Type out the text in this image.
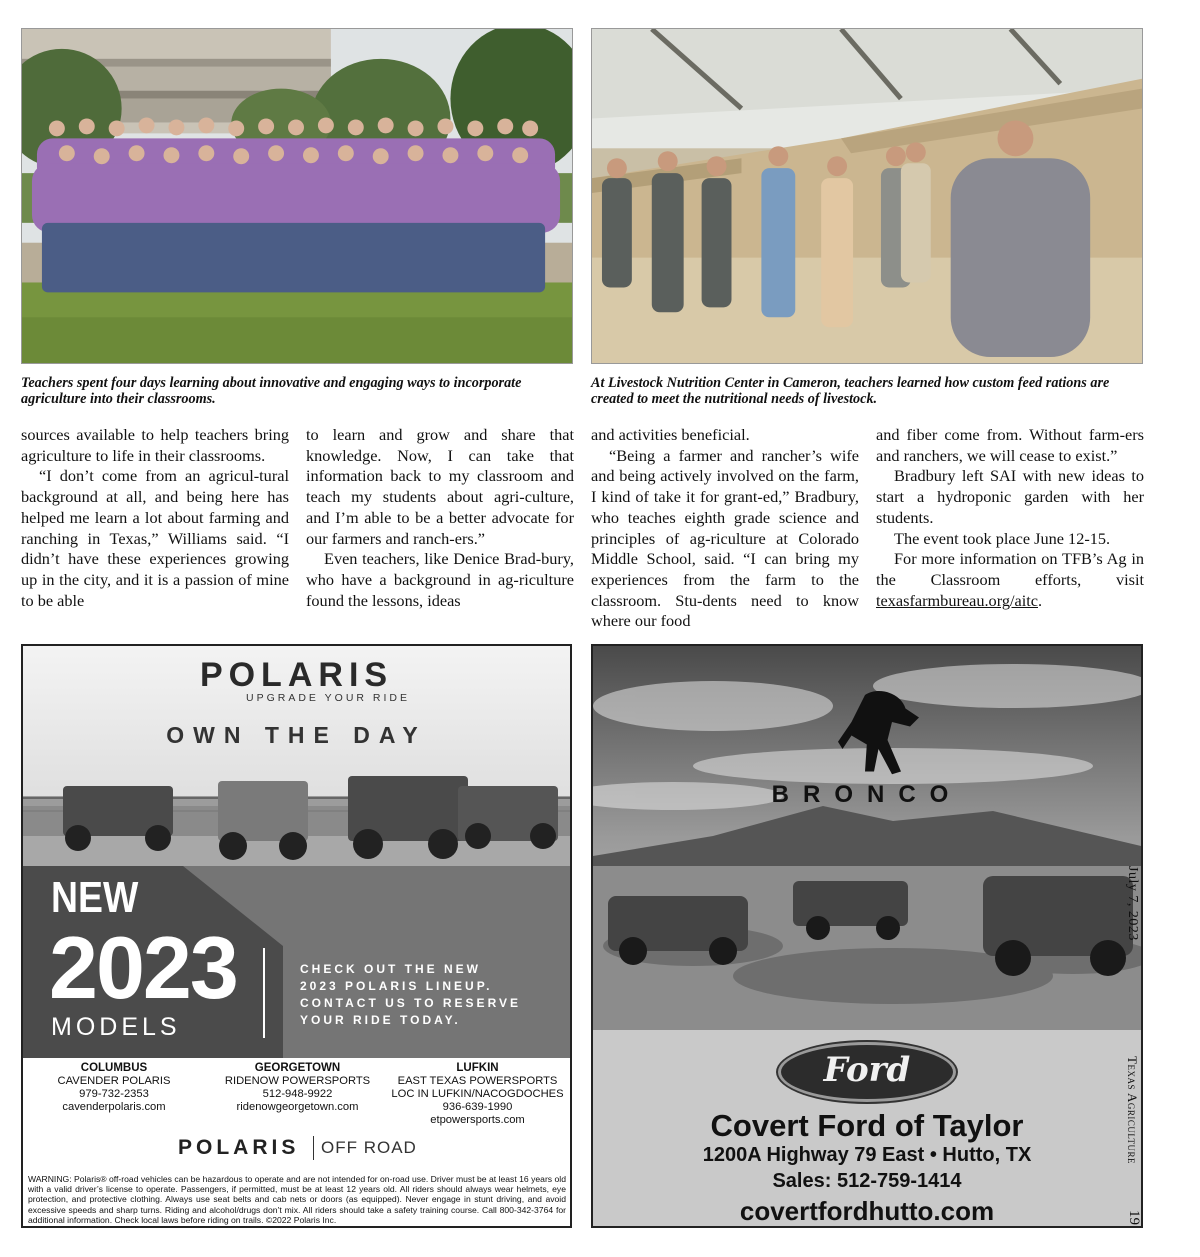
Teachers spent four days learning about innovative and engaging ways to incorporate agriculture into their classrooms.
At Livestock Nutrition Center in Cameron, teachers learned how custom feed rations are created to meet the nutritional needs of livestock.

sources available to help teachers bring agriculture to life in their classrooms.

“I don’t come from an agricul-tural background at all, and being here has helped me learn a lot about farming and ranching in Texas,” Williams said. “I didn’t have these experiences growing up in the city, and it is a passion of mine to be able

to learn and grow and share that knowledge. Now, I can take that information back to my classroom and teach my students about agri-culture, and I’m able to be a better advocate for our farmers and ranch-ers.”

Even teachers, like Denice Brad-bury, who have a background in ag-riculture found the lessons, ideas

and activities beneficial.

“Being a farmer and rancher’s wife and being actively involved on the farm, I kind of take it for grant-ed,” Bradbury, who teaches eighth grade science and principles of ag-riculture at Colorado Middle School, said. “I can bring my experiences from the farm to the classroom. Stu-dents need to know where our food

and fiber come from. Without farm-ers and ranchers, we will cease to exist.”

Bradbury left SAI with new ideas to start a hydroponic garden with her students.

The event took place June 12-15.

For more information on TFB’s Ag in the Classroom efforts, visit texasfarmbureau.org/aitc.

POLARIS
UPGRADE YOUR RIDE
OWN THE DAY
NEW
2023
MODELS
CHECK OUT THE NEW
2023 POLARIS LINEUP.
CONTACT US TO RESERVE
YOUR RIDE TODAY.
COLUMBUS
CAVENDER POLARIS
979-732-2353
cavenderpolaris.com
GEORGETOWN
RIDENOW POWERSPORTS
512-948-9922
ridenowgeorgetown.com
LUFKIN
EAST TEXAS POWERSPORTS
LOC IN LUFKIN/NACOGDOCHES
936-639-1990
etpowersports.com
POLARIS OFF ROAD
WARNING: Polaris® off-road vehicles can be hazardous to operate and are not intended for on-road use. Driver must be at least 16 years old with a valid driver’s license to operate. Passengers, if permitted, must be at least 12 years old. All riders should always wear helmets, eye protection, and protective clothing. Always use seat belts and cab nets or doors (as equipped). Never engage in stunt driving, and avoid excessive speeds and sharp turns. Riding and alcohol/drugs don’t mix. All riders should take a safety training course. Call 800-342-3764 for additional information. Check local laws before riding on trails. ©2022 Polaris Inc.
BRONCO
Ford
Covert Ford of Taylor
1200A Highway 79 East • Hutto, TX
Sales: 512-759-1414
covertfordhutto.com
July 7, 2023
Texas Agriculture
19
